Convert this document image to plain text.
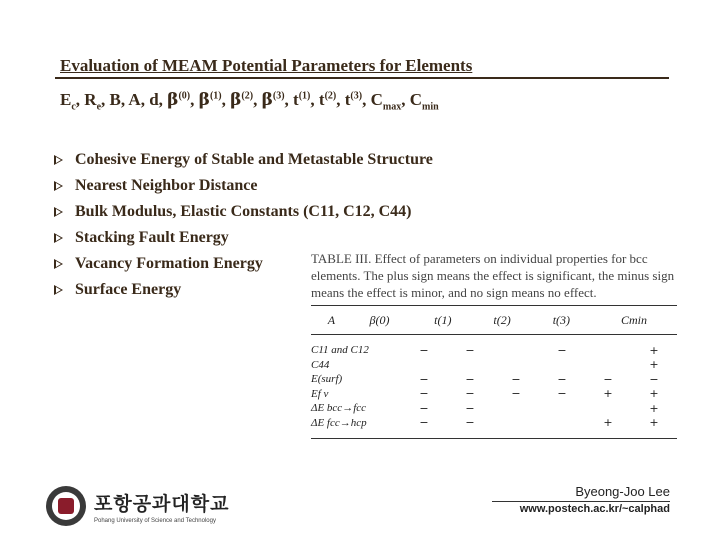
Evaluation of MEAM Potential Parameters for Elements
$E_c$, $R_e$, B, A, d, $\beta^{(0)}$, $\beta^{(1)}$, $\beta^{(2)}$, $\beta^{(3)}$, $t^{(1)}$, $t^{(2)}$, $t^{(3)}$, $C_{max}$, $C_{min}$
Cohesive Energy of Stable and Metastable Structure
Nearest Neighbor Distance
Bulk Modulus, Elastic Constants (C11, C12, C44)
Stacking Fault Energy
Vacancy Formation Energy
Surface Energy
TABLE III. Effect of parameters on individual properties for bcc elements. The plus sign means the effect is significant, the minus sign means the effect is minor, and no sign means no effect.
	A	β(0)	t(1)	t(2)	t(3)	Cmin
C11 and C12	−	−		−		+
C44						+
E(surf)	−	−	−	−	−	−
Ef v	−	−	−	−	+	+
ΔE bcc→fcc	−	−				+
ΔE fcc→hcp	−	−			+	+
포항공과대학교
Pohang University of Science and Technology
Byeong-Joo Lee
www.postech.ac.kr/~calphad
